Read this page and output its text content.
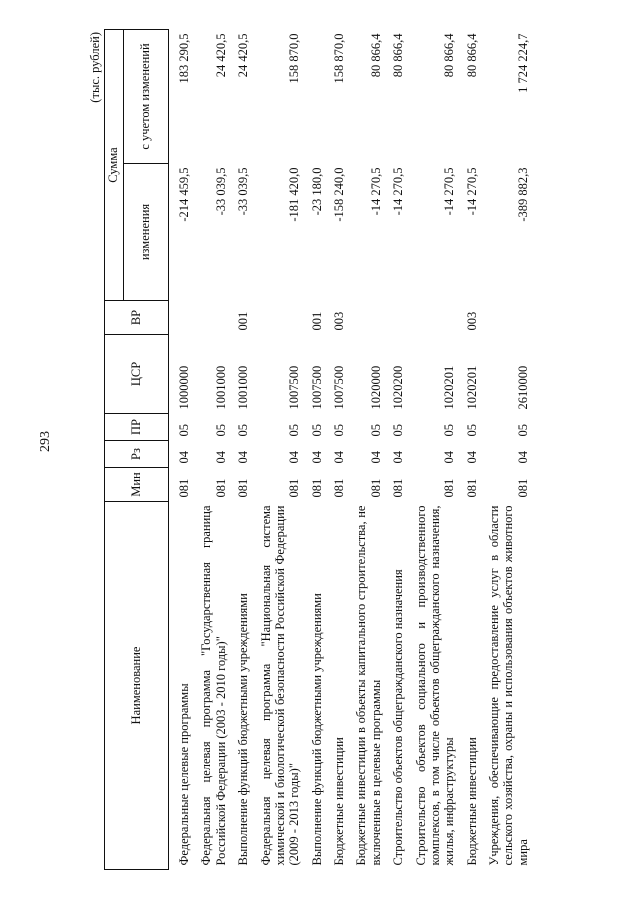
293
(тыс. рублей)
Наименование	Мин	Рз	ПР	ЦСР	ВР	Сумма	
						изменения	с учетом изменений

Федеральные целевые программы	081	04	05	1000000		-214 459,5	183 290,5

Федеральная целевая программа "Государственная граница Российской Федерации (2003 - 2010 годы)"	081	04	05	1001000		-33 039,5	24 420,5

Выполнение функций бюджетными учреждениями	081	04	05	1001000	001	-33 039,5	24 420,5

Федеральная целевая программа "Национальная система химической и биологической безопасности Российской Федерации (2009 - 2013 годы)"	081	04	05	1007500		-181 420,0	158 870,0

Выполнение функций бюджетными учреждениями	081	04	05	1007500	001	-23 180,0	

Бюджетные инвестиции	081	04	05	1007500	003	-158 240,0	158 870,0

Бюджетные инвестиции в объекты капитального строительства, не включенные в целевые программы	081	04	05	1020000		-14 270,5	80 866,4

Строительство объектов общегражданского назначения	081	04	05	1020200		-14 270,5	80 866,4

Строительство объектов социального и производственного комплексов, в том числе объектов общегражданского назначения, жилья, инфраструктуры	081	04	05	1020201		-14 270,5	80 866,4

Бюджетные инвестиции	081	04	05	1020201	003	-14 270,5	80 866,4

Учреждения, обеспечивающие предоставление услуг в области сельского хозяйства, охраны и использования объектов животного мира	081	04	05	2610000		-389 882,3	1 724 224,7
